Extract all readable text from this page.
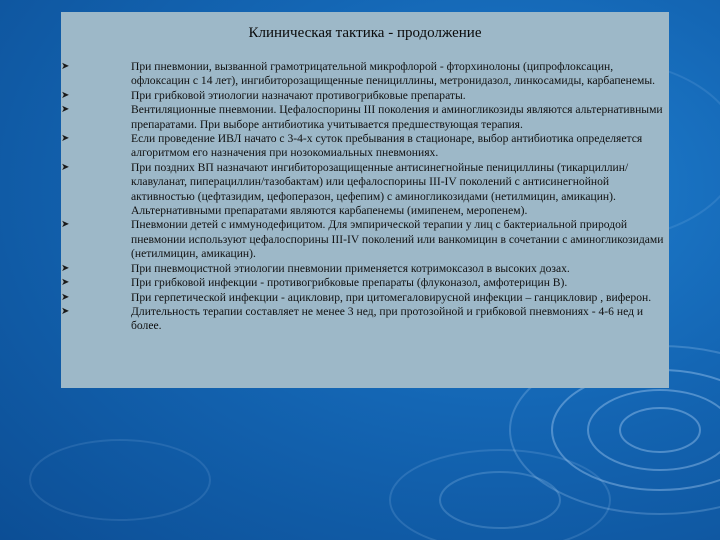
Клиническая тактика - продолжение
➤	При пневмонии, вызванной грамотрицательной микрофлорой - фторхинолоны (ципрофлоксацин, офлоксацин с 14 лет), ингибиторозащищенные пенициллины, метронидазол, линкосамиды, карбапенемы.
➤	При грибковой этиологии назначают противогрибковые препараты.
➤	Вентиляционные пневмонии. Цефалоспорины III поколения и аминогликозиды являются альтернативными препаратами. При выборе антибиотика учитывается предшествующая терапия.
➤	Если проведение ИВЛ начато с 3-4-х суток пребывания в стационаре, выбор антибиотика определяется алгоритмом его назначения при нозокомиальных пневмониях.
➤	При поздних ВП назначают ингибиторозащищенные антисинегнойные пенициллины (тикарциллин/клавуланат, пиперациллин/тазобактам) или цефалоспорины III-IV поколений с антисинегнойной активностью (цефтазидим, цефоперазон, цефепим) с аминогликозидами (нетилмицин, амикацин). Альтернативными препаратами являются карбапенемы (имипенем, меропенем).
➤	Пневмонии детей с иммунодефицитом. Для эмпирической терапии у лиц с бактериальной природой пневмонии используют цефалоспорины III-IV поколений или ванкомицин в сочетании с аминогликозидами (нетилмицин, амикацин).
➤	При пневмоцистной этиологии пневмонии применяется котримоксазол в высоких дозах.
➤	При грибковой инфекции - противогрибковые препараты (флуконазол, амфотерицин В).
➤	При герпетической инфекции - ацикловир, при цитомегаловирусной инфекции – ганцикловир , виферон.
➤	Длительность терапии составляет не менее 3 нед, при протозойной и грибковой пневмониях - 4-6 нед и более.
